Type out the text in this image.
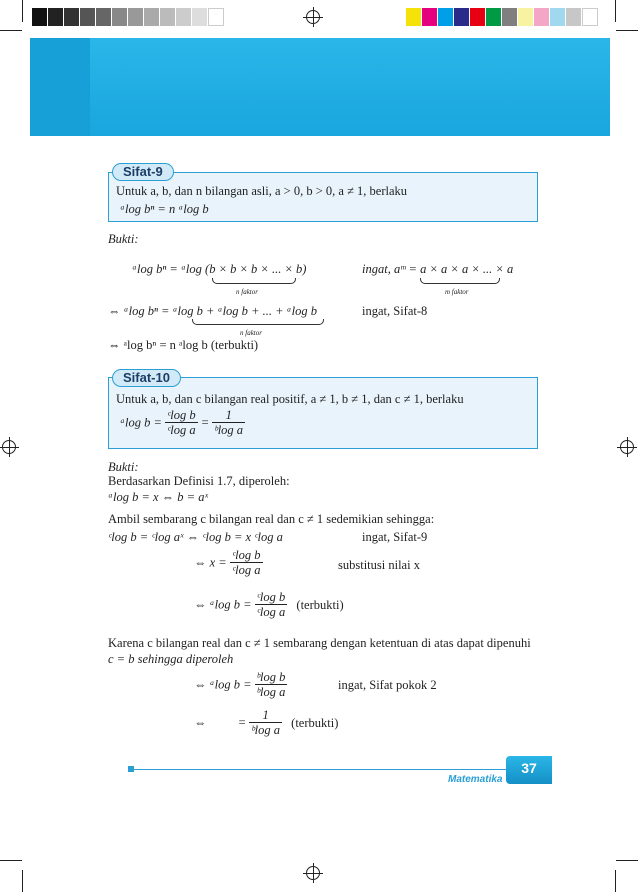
Sifat-9
Untuk a, b, dan n bilangan asli, a > 0, b > 0, a ≠ 1, berlaku
ᵃlog bⁿ = n ᵃlog b
Bukti:
ᵃlog bⁿ = ᵃlog (b × b × b × ... × b)
n faktor
ingat, aᵐ = a × a × a × ... × a
m faktor
⇔ ᵃlog bⁿ = ᵃlog b + ᵃlog b + ... + ᵃlog b
n faktor
ingat, Sifat-8
⇔ ᵃlog bⁿ = n ᵃlog b (terbukti)
Sifat-10
Untuk a, b, dan c bilangan real positif, a ≠ 1, b ≠ 1, dan c ≠ 1, berlaku
ᵃlog $b = \frac{\text{ᶜlog b}}{\text{ᶜlog a}} = \frac{1}{\text{ᵇlog a}}$
Bukti:
Berdasarkan Definisi 1.7, diperoleh:
ᵃlog b = x ⇔ b = aˣ
Ambil sembarang c bilangan real dan c ≠ 1 sedemikian sehingga:
ᶜlog b = ᶜlog aˣ ⇔ ᶜlog b = x ᶜlog a	ingat, Sifat-9
⇔ $x = \frac{\text{ᶜlog b}}{\text{ᶜlog a}}$	substitusi nilai x
⇔ ᵃlog $b = \frac{\text{ᶜlog b}}{\text{ᶜlog a}}$ (terbukti)
Karena c bilangan real dan c ≠ 1 sembarang dengan ketentuan di atas dapat dipenuhi
c = b sehingga diperoleh
⇔ ᵃlog $b = \frac{\text{ᵇlog b}}{\text{ᵇlog a}}$	ingat, Sifat pokok 2
⇔          = $\frac{1}{\text{ᵇlog a}}$ (terbukti)
Matematika
37
